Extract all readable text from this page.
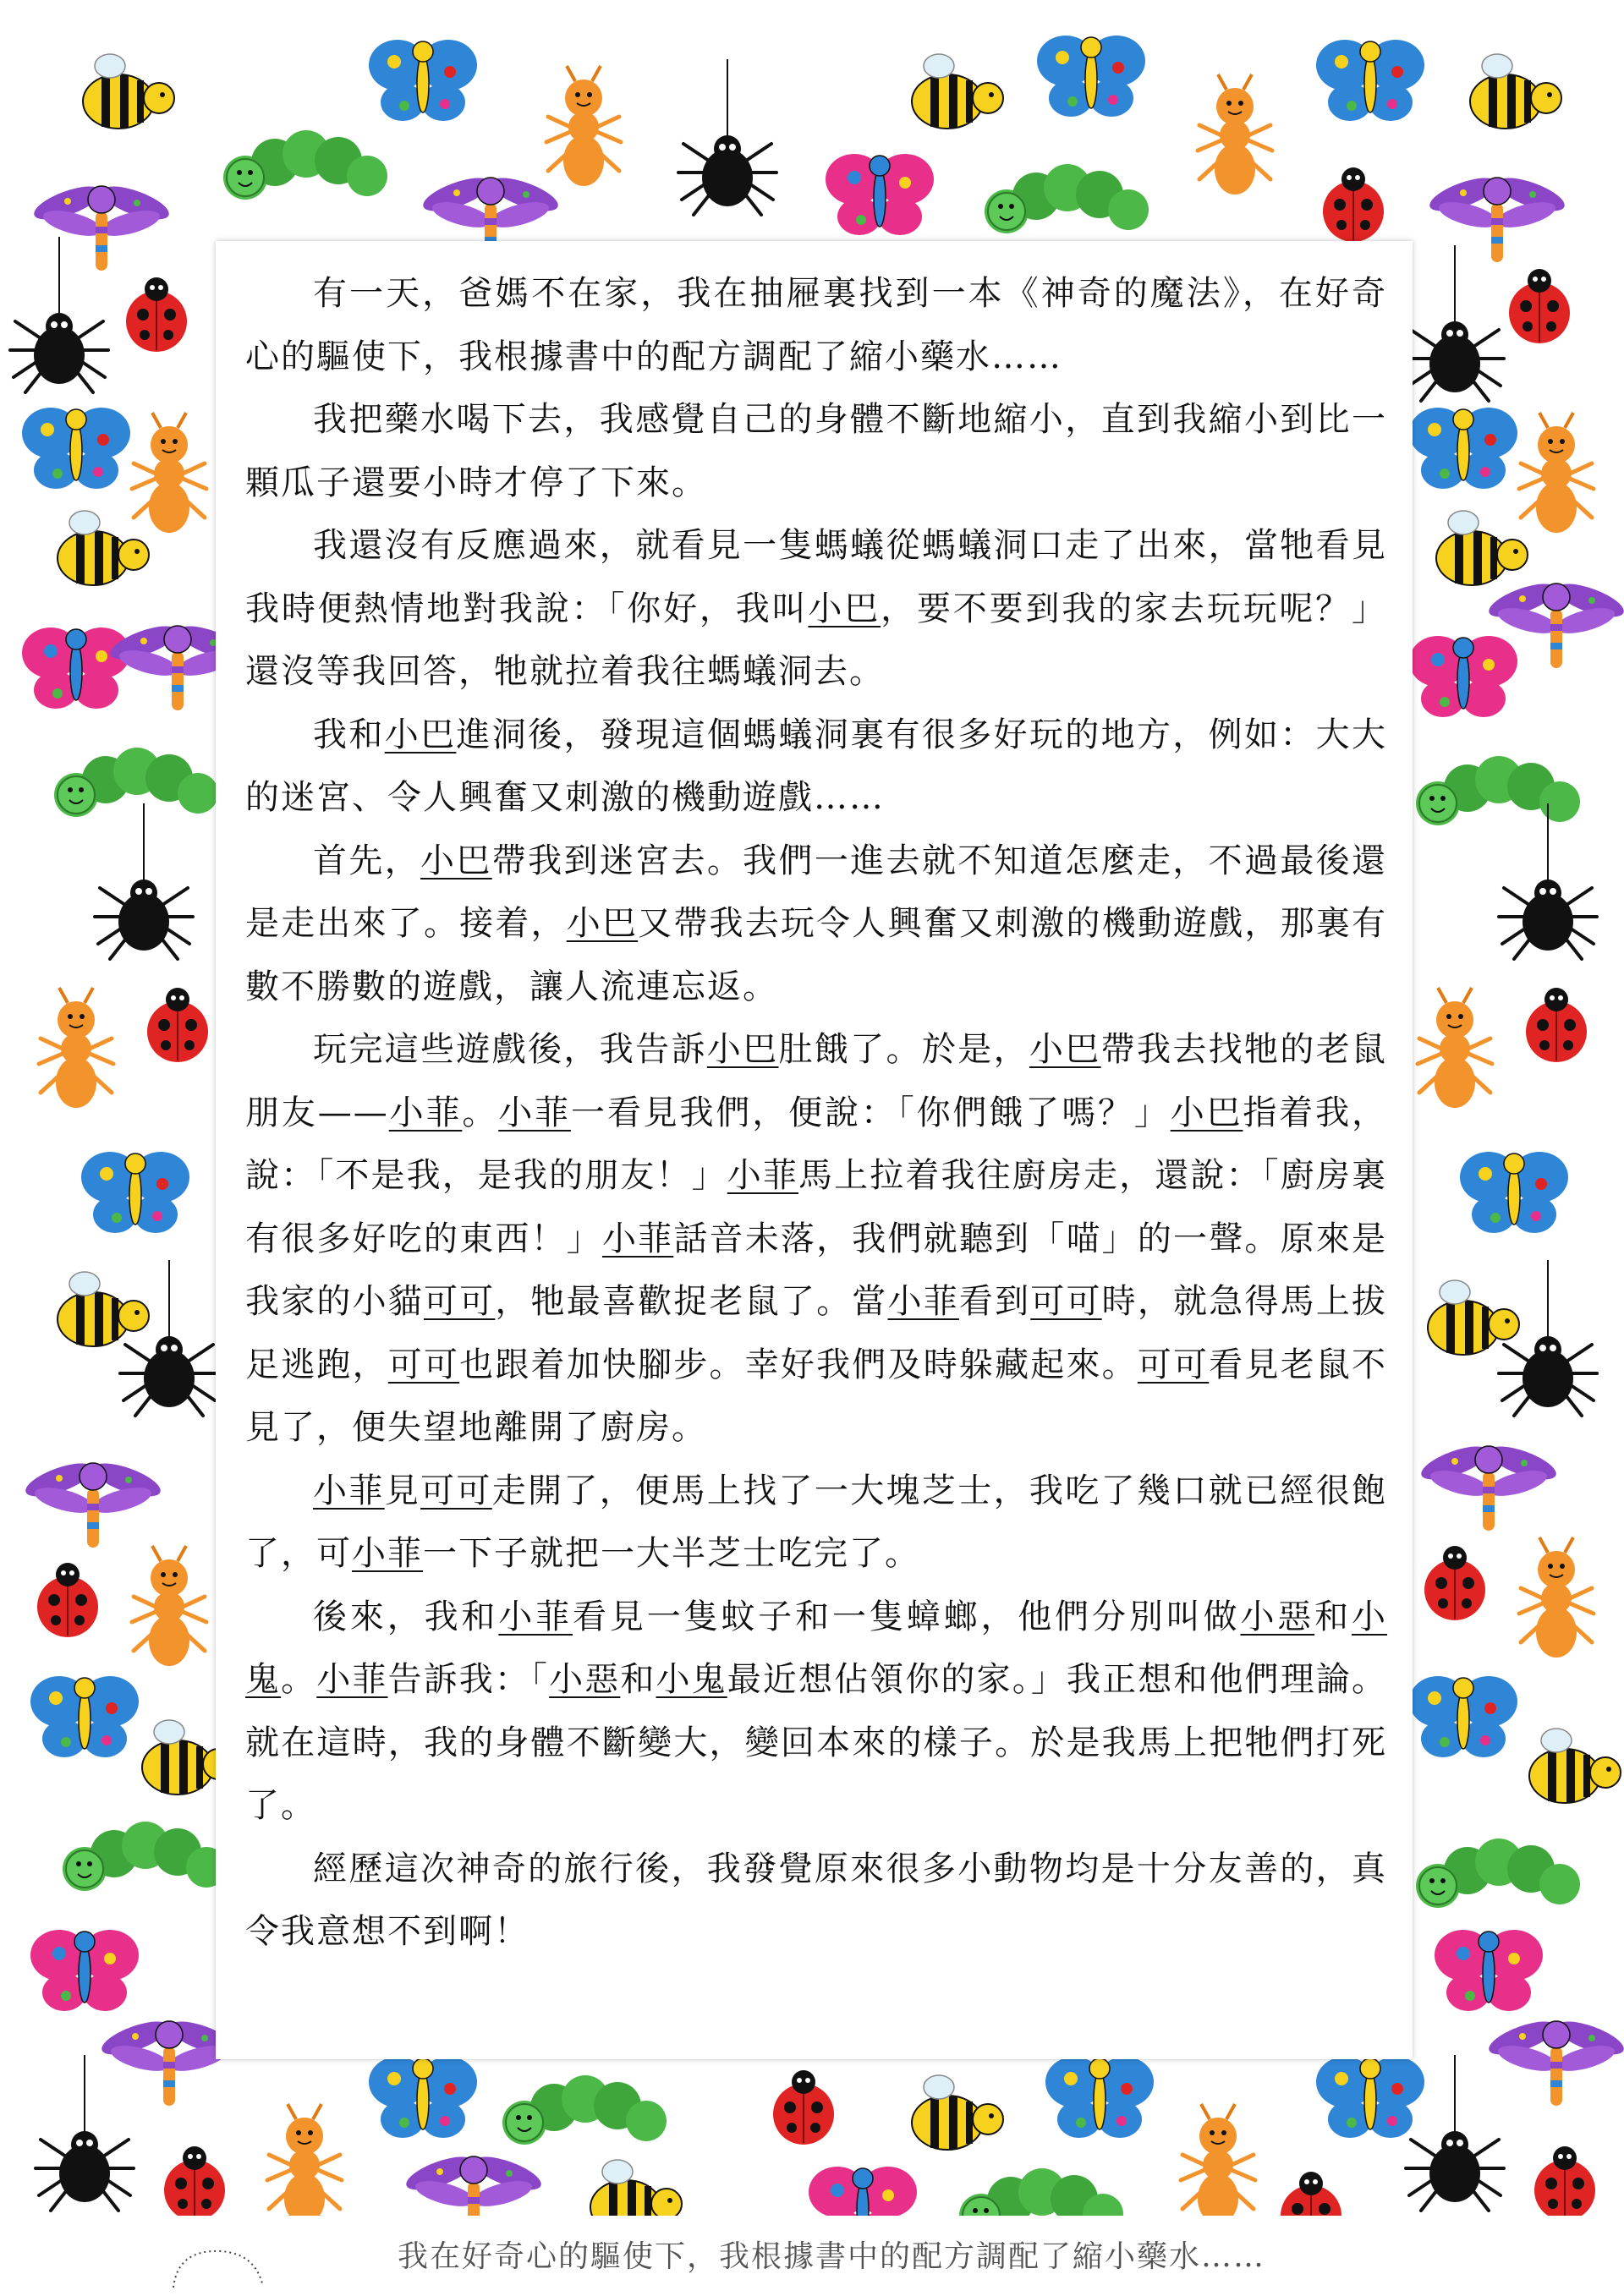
有一天，爸媽不在家，我在抽屜裏找到一本《神奇的魔法》，在好奇心的驅使下，我根據書中的配方調配了縮小藥水……

我把藥水喝下去，我感覺自己的身體不斷地縮小，直到我縮小到比一顆瓜子還要小時才停了下來。

我還沒有反應過來，就看見一隻螞蟻從螞蟻洞口走了出來，當牠看見我時便熱情地對我說：「你好，我叫小巴，要不要到我的家去玩玩呢？」還沒等我回答，牠就拉着我往螞蟻洞去。

我和小巴進洞後，發現這個螞蟻洞裏有很多好玩的地方，例如：大大的迷宮、令人興奮又刺激的機動遊戲……

首先，小巴帶我到迷宮去。我們一進去就不知道怎麼走，不過最後還是走出來了。接着，小巴又帶我去玩令人興奮又刺激的機動遊戲，那裏有數不勝數的遊戲，讓人流連忘返。

玩完這些遊戲後，我告訴小巴肚餓了。於是，小巴帶我去找牠的老鼠朋友——小菲。小菲一看見我們，便說：「你們餓了嗎？」小巴指着我，說：「不是我，是我的朋友！」小菲馬上拉着我往廚房走，還說：「廚房裏有很多好吃的東西！」小菲話音未落，我們就聽到「喵」的一聲。原來是我家的小貓可可，牠最喜歡捉老鼠了。當小菲看到可可時，就急得馬上拔足逃跑，可可也跟着加快腳步。幸好我們及時躲藏起來。可可看見老鼠不見了，便失望地離開了廚房。

小菲見可可走開了，便馬上找了一大塊芝士，我吃了幾口就已經很飽了，可小菲一下子就把一大半芝士吃完了。

後來，我和小菲看見一隻蚊子和一隻蟑螂，他們分別叫做小惡和小鬼。小菲告訴我：「小惡和小鬼最近想佔領你的家。」我正想和他們理論。就在這時，我的身體不斷變大，變回本來的樣子。於是我馬上把牠們打死了。

經歷這次神奇的旅行後，我發覺原來很多小動物均是十分友善的，真令我意想不到啊！

我在好奇心的驅使下，我根據書中的配方調配了縮小藥水……
